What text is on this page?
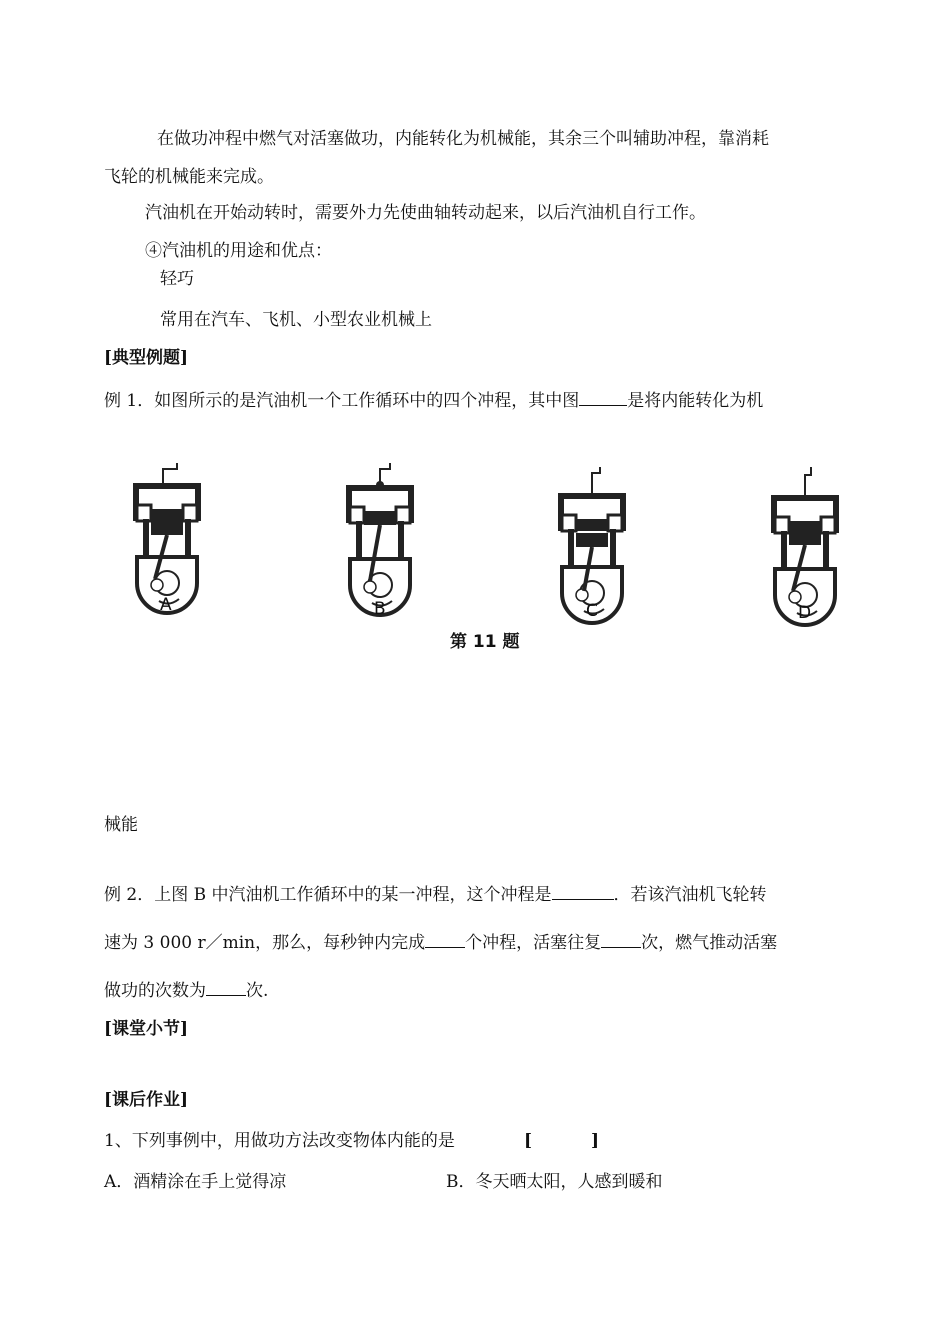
在做功冲程中燃气对活塞做功，内能转化为机械能，其余三个叫辅助冲程，靠消耗
飞轮的机械能来完成。
汽油机在开始动转时，需要外力先使曲轴转动起来，以后汽油机自行工作。
④汽油机的用途和优点：
轻巧
常用在汽车、飞机、小型农业机械上
[典型例题]
例 1．如图所示的是汽油机一个工作循环中的四个冲程，其中图	是将内能转化为机
A	B	C	D
第 11 题
械能
例 2．上图 B 中汽油机工作循环中的某一冲程，这个冲程是	．若该汽油机飞轮转
速为 3 000 r／min，那么，每秒钟内完成 个冲程，活塞往复 次，燃气推动活塞
做功的次数为 次.
[课堂小节]
[课后作业]
1、下列事例中，用做功方法改变物体内能的是	[	]
A．酒精涂在手上觉得凉	B．冬天晒太阳，人感到暖和
